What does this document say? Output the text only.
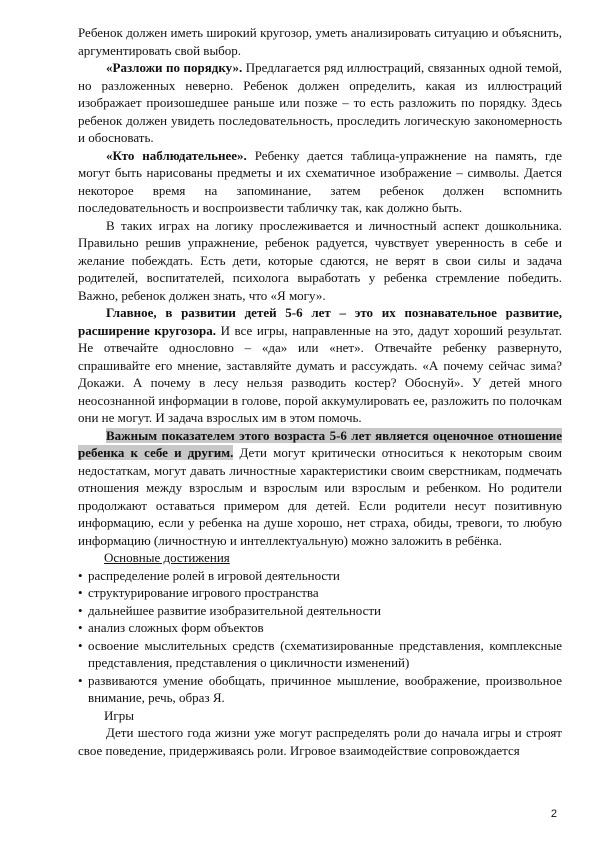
Ребенок должен иметь широкий кругозор, уметь анализировать ситуацию и объяснить, аргументировать свой выбор.

«Разложи по порядку». Предлагается ряд иллюстраций, связанных одной темой, но разложенных неверно. Ребенок должен определить, какая из иллюстраций изображает произошедшее раньше или позже – то есть разложить по порядку. Здесь ребенок должен увидеть последовательность, проследить логическую закономерность и обосновать.

«Кто наблюдательнее». Ребенку дается таблица-упражнение на память, где могут быть нарисованы предметы и их схематичное изображение – символы. Дается некоторое время на запоминание, затем ребенок должен вспомнить последовательность и воспроизвести табличку так, как должно быть.

В таких играх на логику прослеживается и личностный аспект дошкольника. Правильно решив упражнение, ребенок радуется, чувствует уверенность в себе и желание побеждать. Есть дети, которые сдаются, не верят в свои силы и задача родителей, воспитателей, психолога выработать у ребенка стремление победить. Важно, ребенок должен знать, что «Я могу».

Главное, в развитии детей 5-6 лет – это их познавательное развитие, расширение кругозора. И все игры, направленные на это, дадут хороший результат. Не отвечайте однословно – «да» или «нет». Отвечайте ребенку развернуто, спрашивайте его мнение, заставляйте думать и рассуждать. «А почему сейчас зима? Докажи. А почему в лесу нельзя разводить костер? Обоснуй». У детей много неосознанной информации в голове, порой аккумулировать ее, разложить по полочкам они не могут. И задача взрослых им в этом помочь.

Важным показателем этого возраста 5-6 лет является оценочное отношение ребенка к себе и другим. Дети могут критически относиться к некоторым своим недостаткам, могут давать личностные характеристики своим сверстникам, подмечать отношения между взрослым и взрослым или взрослым и ребенком. Но родители продолжают оставаться примером для детей. Если родители несут позитивную информацию, если у ребенка на душе хорошо, нет страха, обиды, тревоги, то любую информацию (личностную и интеллектуальную) можно заложить в ребёнка.

Основные достижения

• распределение ролей в игровой деятельности
• структурирование игрового пространства
• дальнейшее развитие изобразительной деятельности
• анализ сложных форм объектов
• освоение мыслительных средств (схематизированные представления, комплексные представления, представления о цикличности изменений)
• развиваются умение обобщать, причинное мышление, воображение, произвольное внимание, речь, образ Я.

Игры

Дети шестого года жизни уже могут распределять роли до начала игры и строят свое поведение, придерживаясь роли. Игровое взаимодействие сопровождается

2
